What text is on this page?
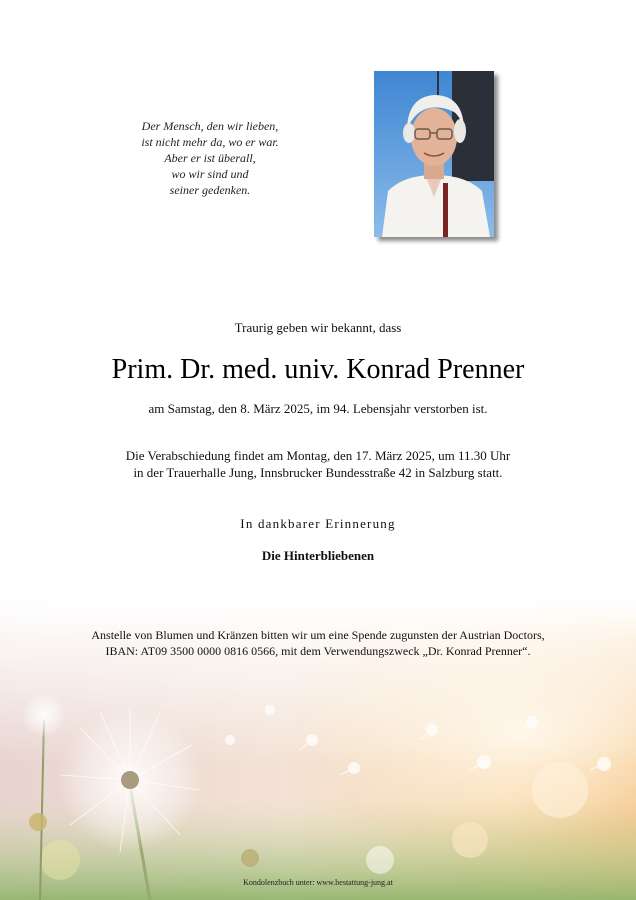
Der Mensch, den wir lieben,
ist nicht mehr da, wo er war.
Aber er ist überall,
wo wir sind und
seiner gedenken.
Traurig geben wir bekannt, dass
Prim. Dr. med. univ. Konrad Prenner
am Samstag, den 8. März 2025, im 94. Lebensjahr verstorben ist.
Die Verabschiedung findet am Montag, den 17. März 2025, um 11.30 Uhr
in der Trauerhalle Jung, Innsbrucker Bundesstraße 42 in Salzburg statt.
In dankbarer Erinnerung
Die Hinterbliebenen
Anstelle von Blumen und Kränzen bitten wir um eine Spende zugunsten der Austrian Doctors,
IBAN: AT09 3500 0000 0816 0566, mit dem Verwendungszweck „Dr. Konrad Prenner“.
Kondolenzbuch unter: www.bestattung-jung.at
